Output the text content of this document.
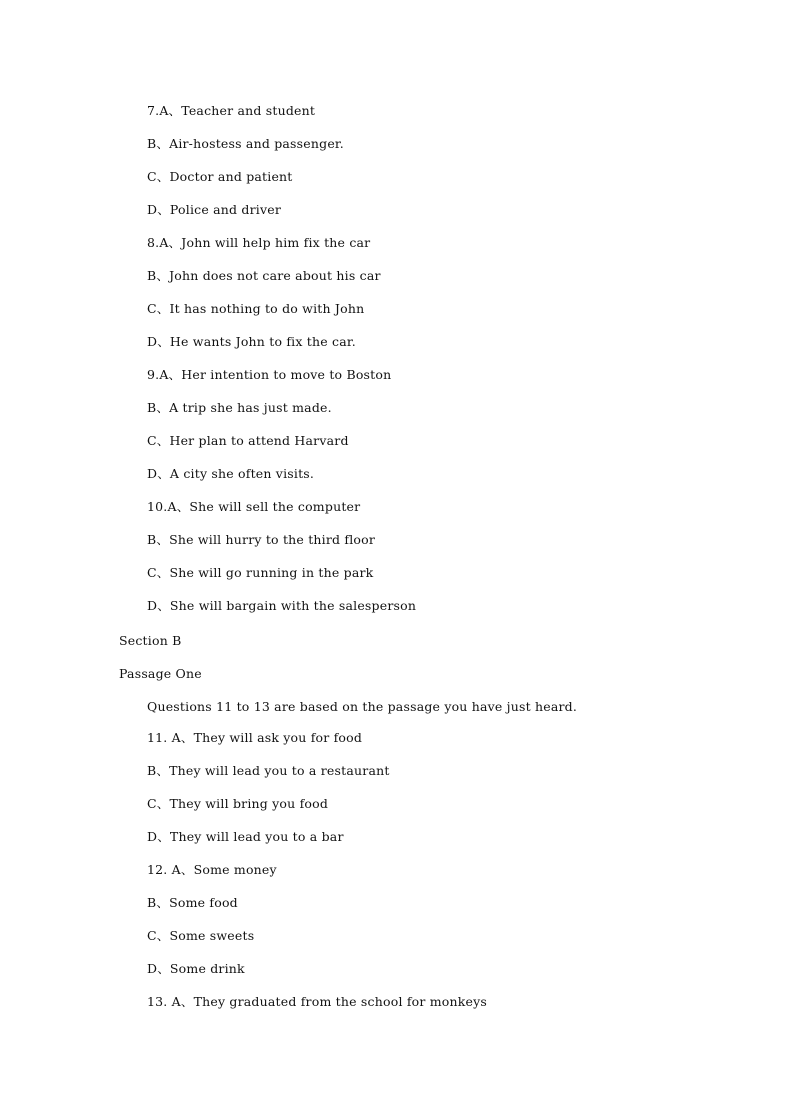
7.A、Teacher and student
B、Air-hostess and passenger.
C、Doctor and patient
D、Police and driver
8.A、John will help him fix the car
B、John does not care about his car
C、It has nothing to do with John
D、He wants John to fix the car.
9.A、Her intention to move to Boston
B、A trip she has just made.
C、Her plan to attend Harvard
D、A city she often visits.
10.A、She will sell the computer
B、She will hurry to the third floor
C、She will go running in the park
D、She will bargain with the salesperson
Section B
Passage One
Questions 11 to 13 are based on the passage you have just heard.
11. A、They will ask you for food
B、They will lead you to a restaurant
C、They will bring you food
D、They will lead you to a bar
12. A、Some money
B、Some food
C、Some sweets
D、Some drink
13. A、They graduated from the school for monkeys
